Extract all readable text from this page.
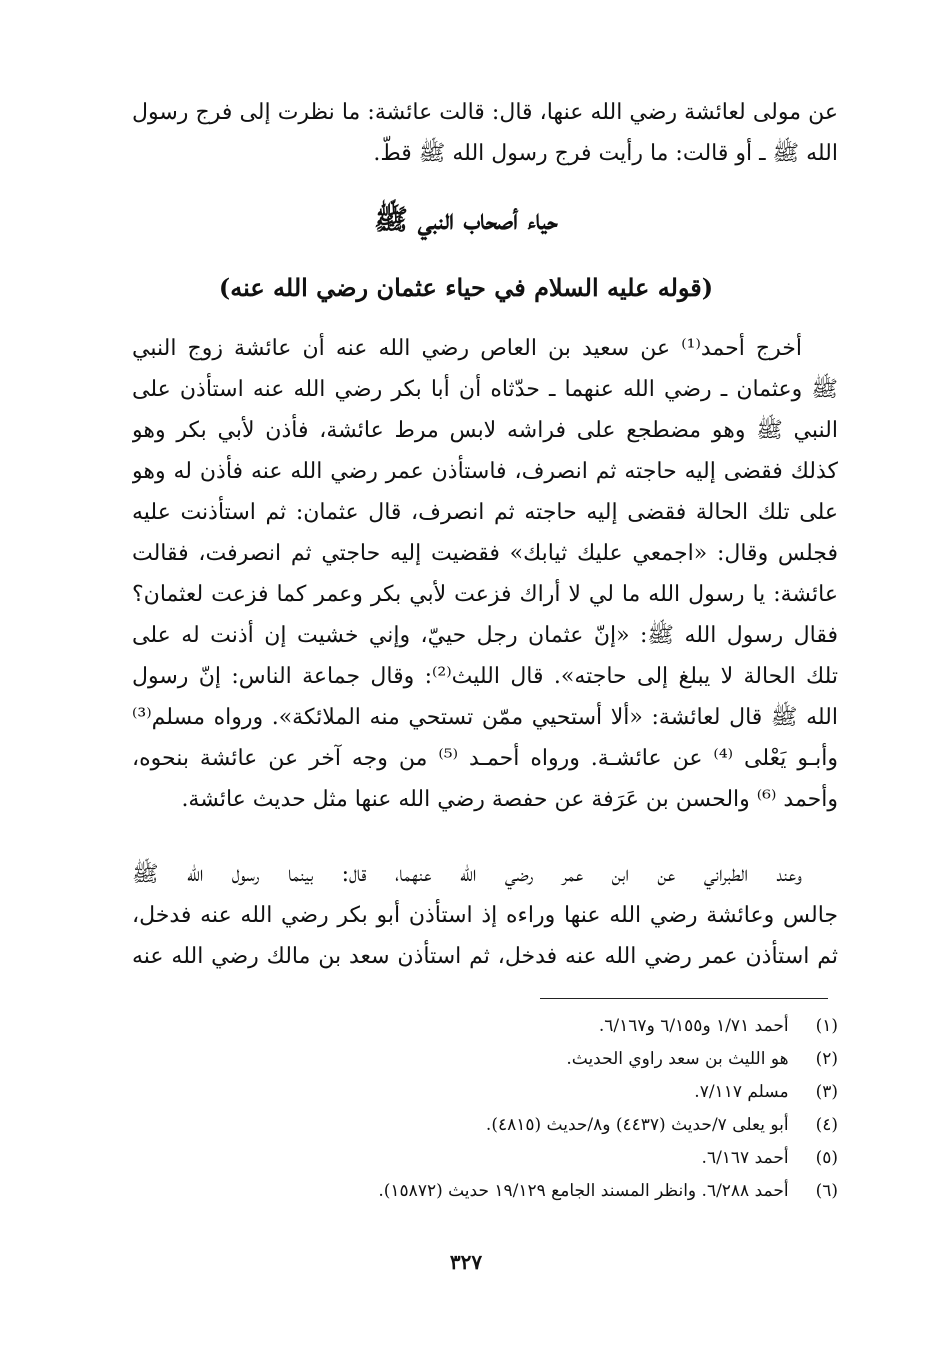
عن مولى لعائشة رضي الله عنها، قال: قالت عائشة: ما نظرت إلى فرج رسول
الله ﷺ ـ أو قالت: ما رأيت فرج رسول الله ﷺ قطّ.
حياء أصحاب النبي ﷺ
(قوله عليه السلام في حياء عثمان رضي الله عنه)
أخرج أحمد⁽¹⁾ عن سعيد بن العاص رضي الله عنه أن عائشة زوج النبي
ﷺ وعثمان ـ رضي الله عنهما ـ حدّثاه أن أبا بكر رضي الله عنه استأذن على
النبي ﷺ وهو مضطجع على فراشه لابس مرط عائشة، فأذن لأبي بكر وهو
كذلك فقضى إليه حاجته ثم انصرف، فاستأذن عمر رضي الله عنه فأذن له وهو
على تلك الحالة فقضى إليه حاجته ثم انصرف، قال عثمان: ثم استأذنت عليه
فجلس وقال: «اجمعي عليك ثيابك» فقضيت إليه حاجتي ثم انصرفت، فقالت
عائشة: يا رسول الله ما لي لا أراك فزعت لأبي بكر وعمر كما فزعت لعثمان؟
فقال رسول الله ﷺ: «إنّ عثمان رجل حييّ، وإني خشيت إن أذنت له على
تلك الحالة لا يبلغ إلى حاجته». قال الليث⁽²⁾: وقال جماعة الناس: إنّ رسول
الله ﷺ قال لعائشة: «ألا أستحيي ممّن تستحي منه الملائكة». ورواه مسلم⁽³⁾
وأبـو يَعْلى ⁽⁴⁾ عن عائشـة. ورواه أحمـد ⁽⁵⁾ من وجه آخر عن عائشة بنحوه،
وأحمد ⁽⁶⁾ والحسن بن عَرَفة عن حفصة رضي الله عنها مثل حديث عائشة.
وعند الطبراني عن ابن عمر رضي الله عنهما، قال: بينما رسول الله ﷺ
جالس وعائشة رضي الله عنها وراءه إذ استأذن أبو بكر رضي الله عنه فدخل،
ثم استأذن عمر رضي الله عنه فدخل، ثم استأذن سعد بن مالك رضي الله عنه
(١) أحمد ١/٧١ و٦/١٥٥ و٦/١٦٧.
(٢) هو الليث بن سعد راوي الحديث.
(٣) مسلم ٧/١١٧.
(٤) أبو يعلى ٧/حديث (٤٤٣٧) و٨/حديث (٤٨١٥).
(٥) أحمد ٦/١٦٧.
(٦) أحمد ٦/٢٨٨. وانظر المسند الجامع ١٩/١٢٩ حديث (١٥٨٧٢).
٣٢٧
